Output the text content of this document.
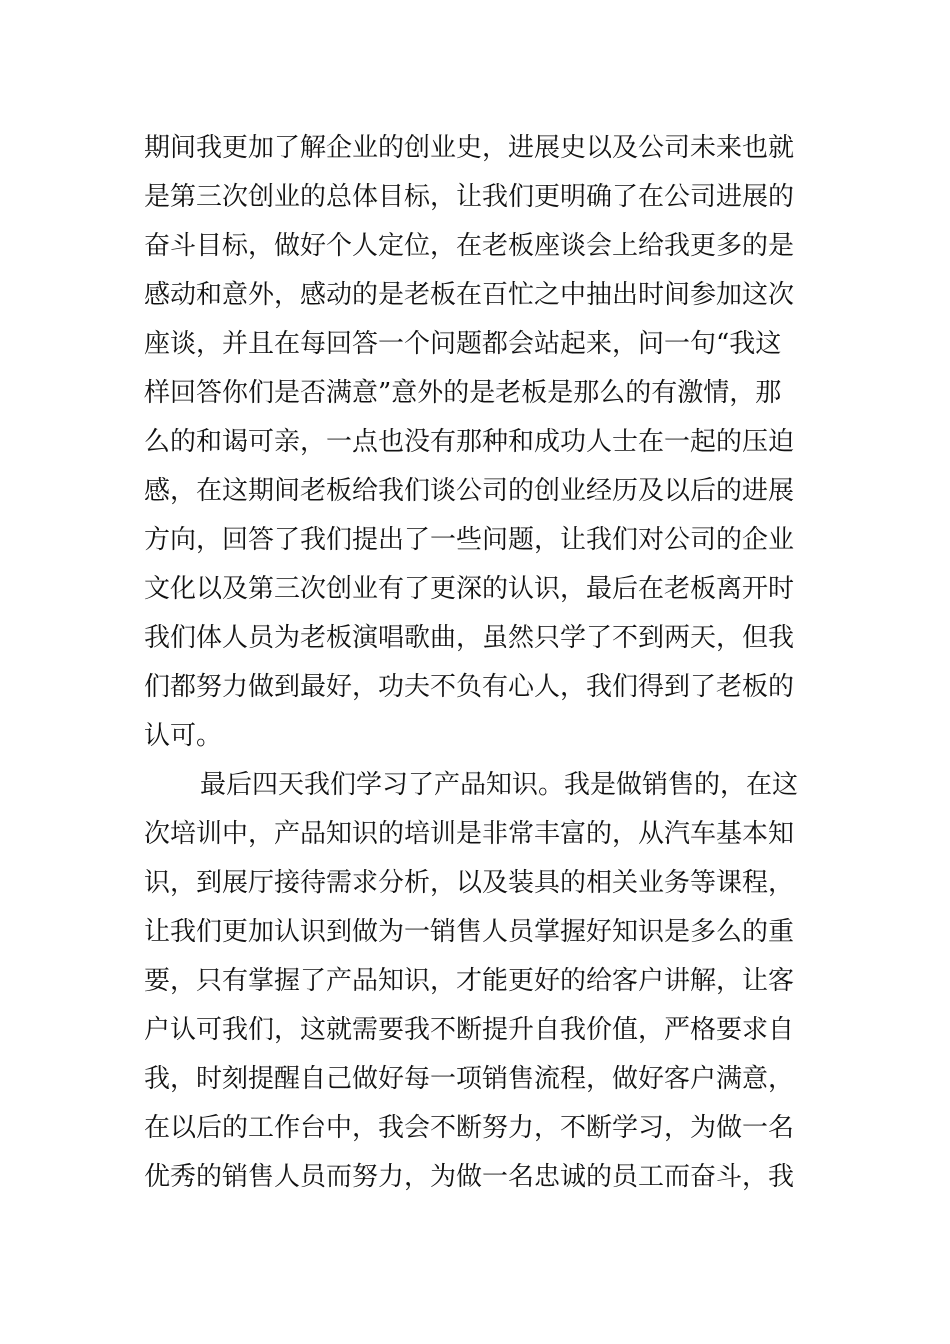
期间我更加了解企业的创业史，进展史以及公司未来也就
是第三次创业的总体目标，让我们更明确了在公司进展的
奋斗目标，做好个人定位，在老板座谈会上给我更多的是
感动和意外，感动的是老板在百忙之中抽出时间参加这次
座谈，并且在每回答一个问题都会站起来，问一句“我这
样回答你们是否满意”意外的是老板是那么的有激情，那
么的和谒可亲，一点也没有那种和成功人士在一起的压迫
感，在这期间老板给我们谈公司的创业经历及以后的进展
方向，回答了我们提出了一些问题，让我们对公司的企业
文化以及第三次创业有了更深的认识，最后在老板离开时
我们体人员为老板演唱歌曲，虽然只学了不到两天，但我
们都努力做到最好，功夫不负有心人，我们得到了老板的
认可。
最后四天我们学习了产品知识。我是做销售的，在这
次培训中，产品知识的培训是非常丰富的，从汽车基本知
识，到展厅接待需求分析，以及装具的相关业务等课程，
让我们更加认识到做为一销售人员掌握好知识是多么的重
要，只有掌握了产品知识，才能更好的给客户讲解，让客
户认可我们，这就需要我不断提升自我价值，严格要求自
我，时刻提醒自己做好每一项销售流程，做好客户满意，
在以后的工作台中，我会不断努力，不断学习，为做一名
优秀的销售人员而努力，为做一名忠诚的员工而奋斗，我
